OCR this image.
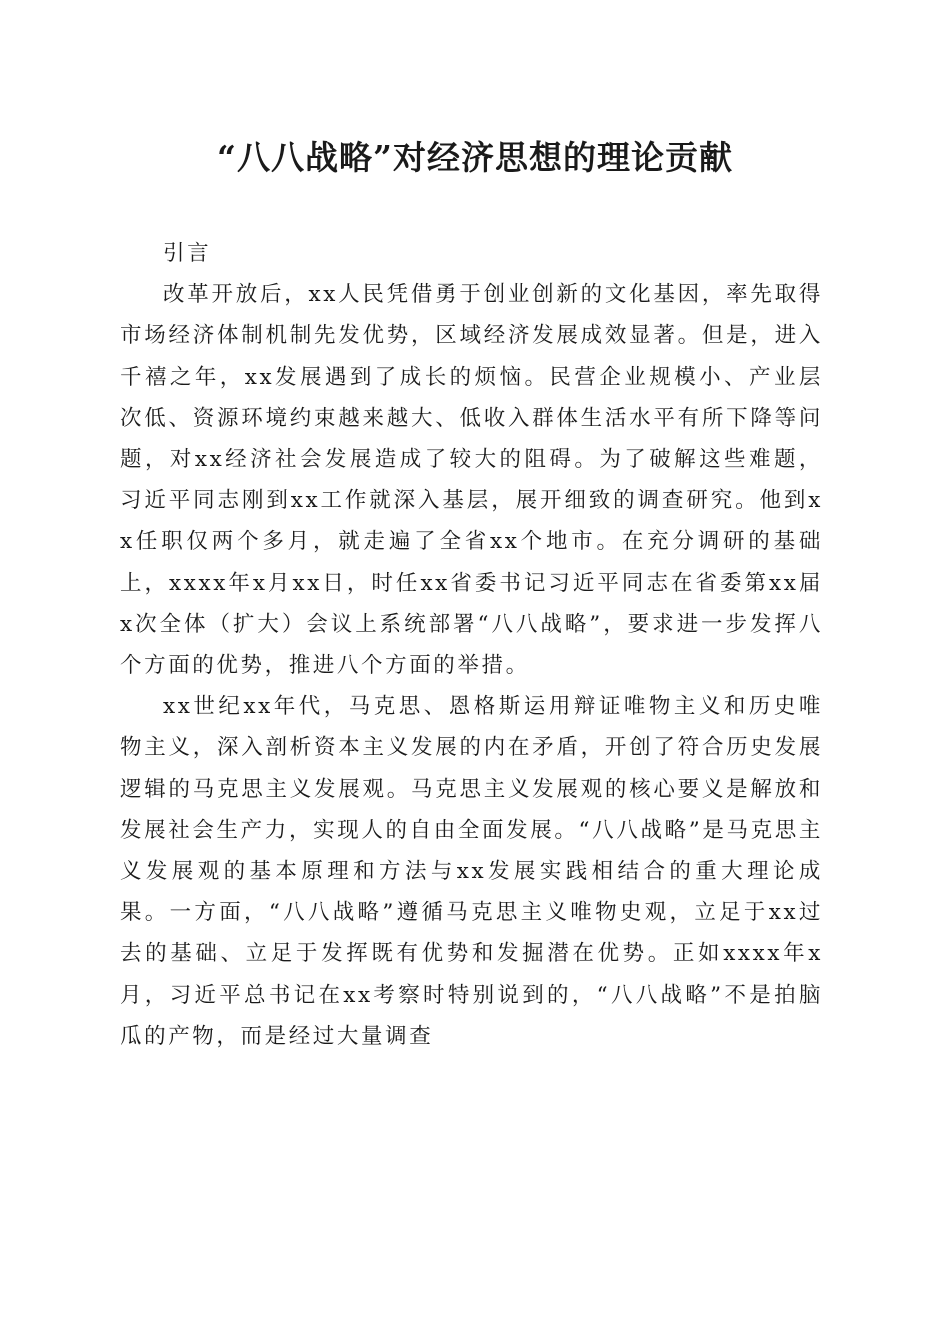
“八八战略”对经济思想的理论贡献

引言

改革开放后，xx人民凭借勇于创业创新的文化基因，率先取得市场经济体制机制先发优势，区域经济发展成效显著。但是，进入千禧之年，xx发展遇到了成长的烦恼。民营企业规模小、产业层次低、资源环境约束越来越大、低收入群体生活水平有所下降等问题，对xx经济社会发展造成了较大的阻碍。为了破解这些难题，习近平同志刚到xx工作就深入基层，展开细致的调查研究。他到xx任职仅两个多月，就走遍了全省xx个地市。在充分调研的基础上，xxxx年x月xx日，时任xx省委书记习近平同志在省委第xx届x次全体（扩大）会议上系统部署“八八战略”，要求进一步发挥八个方面的优势，推进八个方面的举措。

xx世纪xx年代，马克思、恩格斯运用辩证唯物主义和历史唯物主义，深入剖析资本主义发展的内在矛盾，开创了符合历史发展逻辑的马克思主义发展观。马克思主义发展观的核心要义是解放和发展社会生产力，实现人的自由全面发展。“八八战略”是马克思主义发展观的基本原理和方法与xx发展实践相结合的重大理论成果。一方面，“八八战略”遵循马克思主义唯物史观，立足于xx过去的基础、立足于发挥既有优势和发掘潜在优势。正如xxxx年x月，习近平总书记在xx考察时特别说到的，“八八战略”不是拍脑瓜的产物，而是经过大量调查
